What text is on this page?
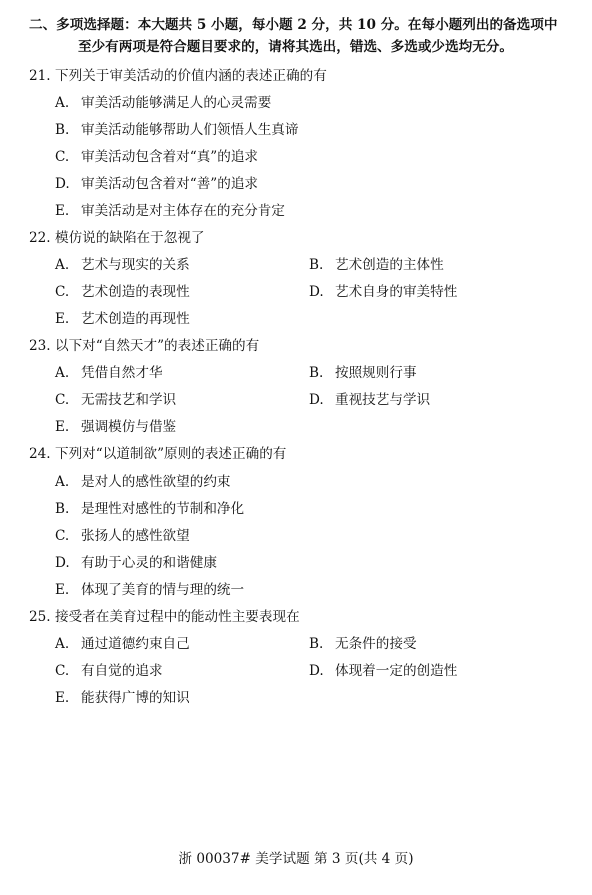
二、多项选择题：本大题共 5 小题，每小题 2 分，共 10 分。在每小题列出的备选项中
至少有两项是符合题目要求的，请将其选出，错选、多选或少选均无分。
21. 下列关于审美活动的价值内涵的表述正确的有
A. 审美活动能够满足人的心灵需要
B. 审美活动能够帮助人们领悟人生真谛
C. 审美活动包含着对“真”的追求
D. 审美活动包含着对“善”的追求
E. 审美活动是对主体存在的充分肯定
22. 模仿说的缺陷在于忽视了
A. 艺术与现实的关系	B. 艺术创造的主体性
C. 艺术创造的表现性	D. 艺术自身的审美特性
E. 艺术创造的再现性
23. 以下对“自然天才”的表述正确的有
A. 凭借自然才华	B. 按照规则行事
C. 无需技艺和学识	D. 重视技艺与学识
E. 强调模仿与借鉴
24. 下列对“以道制欲”原则的表述正确的有
A. 是对人的感性欲望的约束
B. 是理性对感性的节制和净化
C. 张扬人的感性欲望
D. 有助于心灵的和谐健康
E. 体现了美育的情与理的统一
25. 接受者在美育过程中的能动性主要表现在
A. 通过道德约束自己	B. 无条件的接受
C. 有自觉的追求	D. 体现着一定的创造性
E. 能获得广博的知识
浙 00037# 美学试题 第 3 页(共 4 页)
